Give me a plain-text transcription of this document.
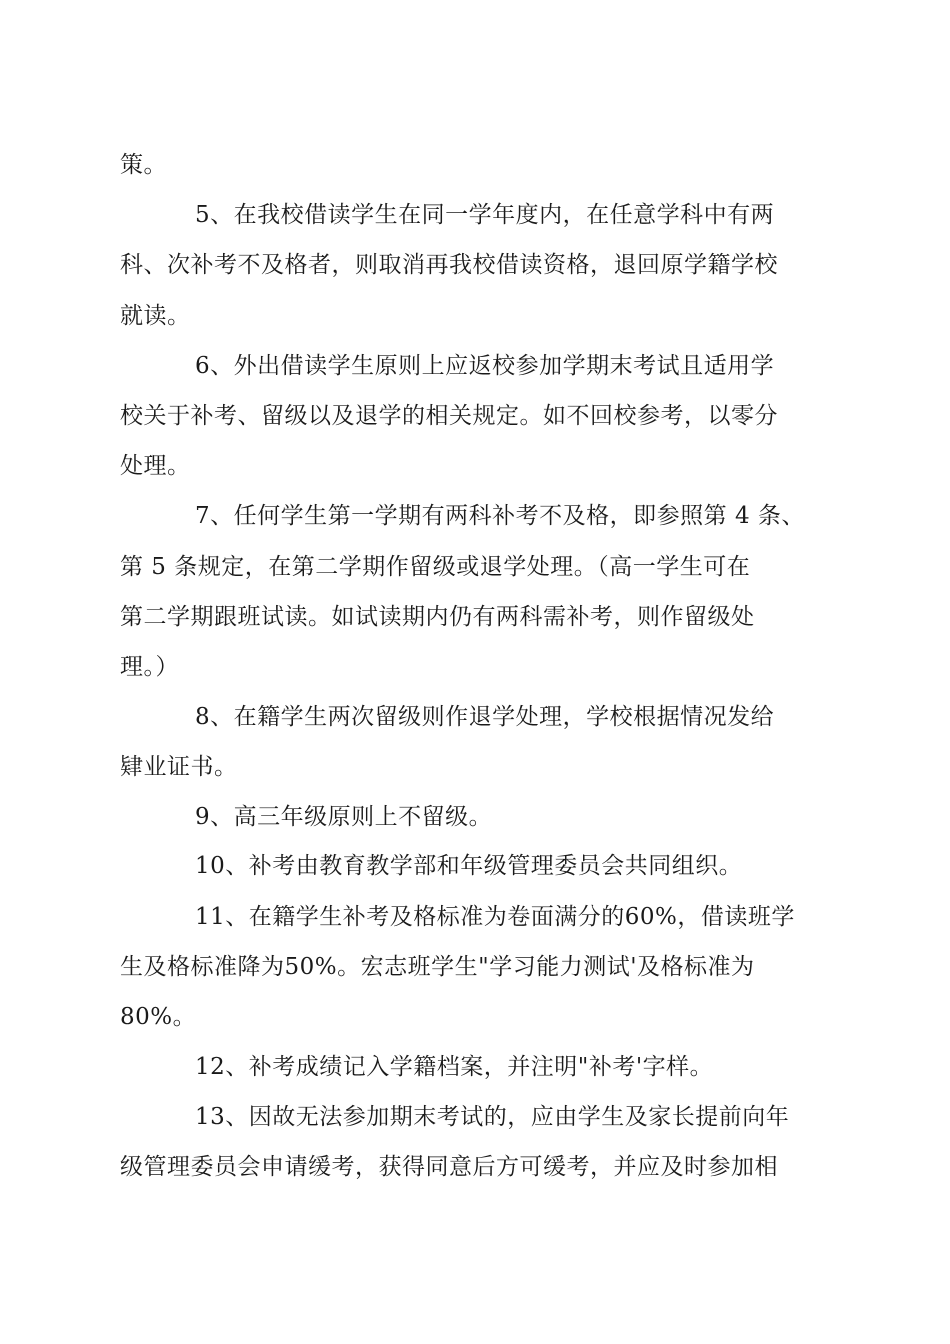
策。
5、在我校借读学生在同一学年度内，在任意学科中有两
科、次补考不及格者，则取消再我校借读资格，退回原学籍学校
就读。
6、外出借读学生原则上应返校参加学期末考试且适用学
校关于补考、留级以及退学的相关规定。如不回校参考，以零分
处理。
7、任何学生第一学期有两科补考不及格，即参照第 4 条、
第 5 条规定，在第二学期作留级或退学处理。（高一学生可在
第二学期跟班试读。如试读期内仍有两科需补考，则作留级处
理。）
8、在籍学生两次留级则作退学处理，学校根据情况发给
肄业证书。
9、高三年级原则上不留级。
10、补考由教育教学部和年级管理委员会共同组织。
11、在籍学生补考及格标准为卷面满分的60%，借读班学
生及格标准降为50%。宏志班学生"学习能力测试'及格标准为
80%。
12、补考成绩记入学籍档案，并注明"补考'字样。
13、因故无法参加期末考试的，应由学生及家长提前向年
级管理委员会申请缓考，获得同意后方可缓考，并应及时参加相
